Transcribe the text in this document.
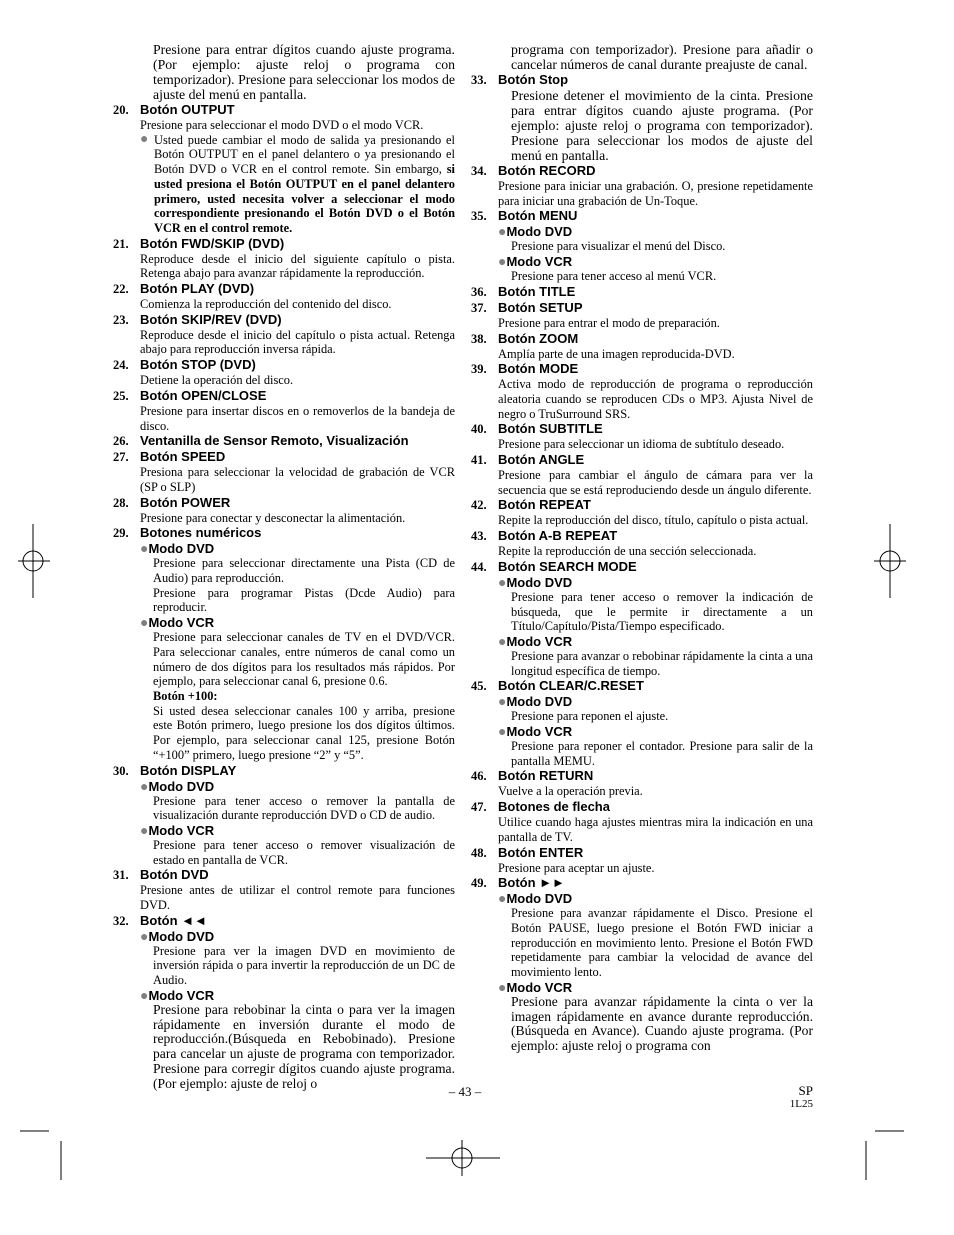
Presione para entrar dígitos cuando ajuste programa. (Por ejemplo: ajuste reloj o programa con temporizador). Presione para seleccionar los modos de ajuste del menú en pantalla.
20. Botón OUTPUT
Presione para seleccionar el modo DVD o el modo VCR.
● Usted puede cambiar el modo de salida ya presionando el Botón OUTPUT en el panel delantero o ya presionando el Botón DVD o VCR en el control remote. Sin embargo, si usted presiona el Botón OUTPUT en el panel delantero primero, usted necesita volver a seleccionar el modo correspondiente presionando el Botón DVD o el Botón VCR en el control remote.
21. Botón FWD/SKIP (DVD)
Reproduce desde el inicio del siguiente capítulo o pista. Retenga abajo para avanzar rápidamente la reproducción.
22. Botón PLAY (DVD)
Comienza la reproducción del contenido del disco.
23. Botón SKIP/REV (DVD)
Reproduce desde el inicio del capítulo o pista actual. Retenga abajo para reproducción inversa rápida.
24. Botón STOP (DVD)
Detiene la operación del disco.
25. Botón OPEN/CLOSE
Presione para insertar discos en o removerlos de la bandeja de disco.
26. Ventanilla de Sensor Remoto, Visualización
27. Botón SPEED
Presiona para seleccionar la velocidad de grabación de VCR (SP o SLP)
28. Botón POWER
Presione para conectar y desconectar la alimentación.
29. Botones numéricos
●Modo DVD
Presione para seleccionar directamente una Pista (CD de Audio) para reproducción.
Presione para programar Pistas (Dcde Audio) para reproducir.
●Modo VCR
Presione para seleccionar canales de TV en el DVD/VCR. Para seleccionar canales, entre números de canal como un número de dos dígitos para los resultados más rápidos. Por ejemplo, para seleccionar canal 6, presione 0.6.
Botón +100:
Si usted desea seleccionar canales 100 y arriba, presione este Botón primero, luego presione los dos dígitos últimos. Por ejemplo, para seleccionar canal 125, presione Botón “+100” primero, luego presione “2” y “5”.
30. Botón DISPLAY
●Modo DVD
Presione para tener acceso o remover la pantalla de visualización durante reproducción DVD o CD de audio.
●Modo VCR
Presione para tener acceso o remover visualización de estado en pantalla de VCR.
31. Botón DVD
Presione antes de utilizar el control remote para funciones DVD.
32. Botón ◄◄
●Modo DVD
Presione para ver la imagen DVD en movimiento de inversión rápida o para invertir la reproducción de un DC de Audio.
●Modo VCR
Presione para rebobinar la cinta o para ver la imagen rápidamente en inversión durante el modo de reproducción.(Búsqueda en Rebobinado). Presione para cancelar un ajuste de programa con temporizador. Presione para corregir dígitos cuando ajuste programa. (Por ejemplo: ajuste de reloj o
programa con temporizador). Presione para añadir o cancelar números de canal durante preajuste de canal.
33. Botón Stop
Presione detener el movimiento de la cinta. Presione para entrar dígitos cuando ajuste programa. (Por ejemplo: ajuste reloj o programa con temporizador). Presione para seleccionar los modos de ajuste del menú en pantalla.
34. Botón RECORD
Presione para iniciar una grabación. O, presione repetidamente para iniciar una grabación de Un-Toque.
35. Botón MENU
●Modo DVD
Presione para visualizar el menú del Disco.
●Modo VCR
Presione para tener acceso al menú VCR.
36. Botón TITLE
37. Botón SETUP
Presione para entrar el modo de preparación.
38. Botón ZOOM
Amplía parte de una imagen reproducida-DVD.
39. Botón MODE
Activa modo de reproducción de programa o reproducción aleatoria cuando se reproducen CDs o MP3. Ajusta Nivel de negro o TruSurround SRS.
40. Botón SUBTITLE
Presione para seleccionar un idioma de subtítulo deseado.
41. Botón ANGLE
Presione para cambiar el ángulo de cámara para ver la secuencia que se está reproduciendo desde un ángulo diferente.
42. Botón REPEAT
Repite la reproducción del disco, título, capítulo o pista actual.
43. Botón A-B REPEAT
Repite la reproducción de una sección seleccionada.
44. Botón SEARCH MODE
●Modo DVD
Presione para tener acceso o remover la indicación de búsqueda, que le permite ir directamente a un Título/Capítulo/Pista/Tiempo especificado.
●Modo VCR
Presione para avanzar o rebobinar rápidamente la cinta a una longitud específica de tiempo.
45. Botón CLEAR/C.RESET
●Modo DVD
Presione para reponen el ajuste.
●Modo VCR
Presione para reponer el contador. Presione para salir de la pantalla MEMU.
46. Botón RETURN
Vuelve a la operación previa.
47. Botones de flecha
Utilice cuando haga ajustes mientras mira la indicación en una pantalla de TV.
48. Botón ENTER
Presione para aceptar un ajuste.
49. Botón ►►
●Modo DVD
Presione para avanzar rápidamente el Disco. Presione el Botón PAUSE, luego presione el Botón FWD iniciar a reproducción en movimiento lento. Presione el Botón FWD repetidamente para cambiar la velocidad de avance del movimiento lento.
●Modo VCR
Presione para avanzar rápidamente la cinta o ver la imagen rápidamente en avance durante reproducción. (Búsqueda en Avance). Cuando ajuste programa. (Por ejemplo: ajuste reloj o programa con
– 43 –	SP
1L25
